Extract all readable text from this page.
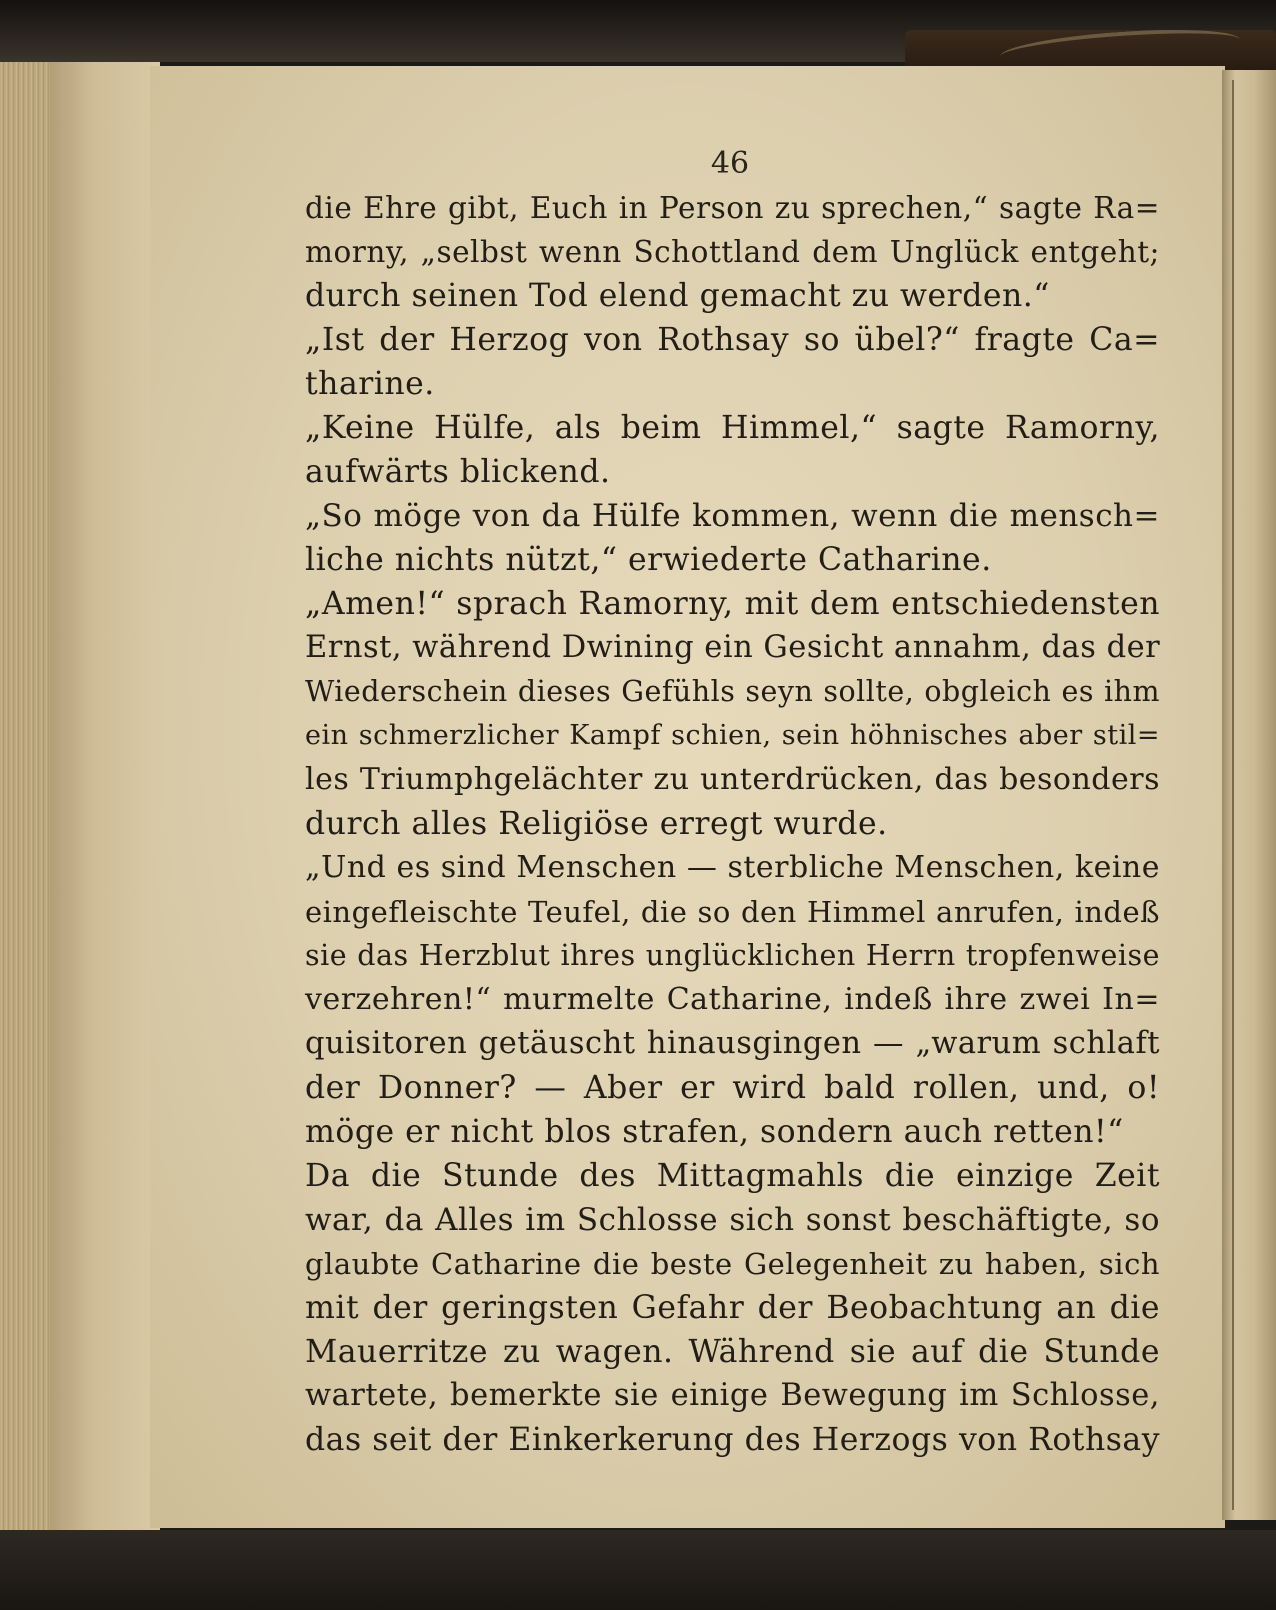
46
die Ehre gibt, Euch in Person zu sprechen,“ sagte Ra=
morny, „selbst wenn Schottland dem Unglück entgeht;
durch seinen Tod elend gemacht zu werden.“
„Ist der Herzog von Rothsay so übel?“ fragte Ca=
tharine.
„Keine Hülfe, als beim Himmel,“ sagte Ramorny,
aufwärts blickend.
„So möge von da Hülfe kommen, wenn die mensch=
liche nichts nützt,“ erwiederte Catharine.
„Amen!“ sprach Ramorny, mit dem entschiedensten
Ernst, während Dwining ein Gesicht annahm, das der
Wiederschein dieses Gefühls seyn sollte, obgleich es ihm
ein schmerzlicher Kampf schien, sein höhnisches aber stil=
les Triumphgelächter zu unterdrücken, das besonders
durch alles Religiöse erregt wurde.
„Und es sind Menschen — sterbliche Menschen, keine
eingefleischte Teufel, die so den Himmel anrufen, indeß
sie das Herzblut ihres unglücklichen Herrn tropfenweise
verzehren!“ murmelte Catharine, indeß ihre zwei In=
quisitoren getäuscht hinausgingen — „warum schlaft
der Donner? — Aber er wird bald rollen, und, o!
möge er nicht blos strafen, sondern auch retten!“
Da die Stunde des Mittagmahls die einzige Zeit
war, da Alles im Schlosse sich sonst beschäftigte, so
glaubte Catharine die beste Gelegenheit zu haben, sich
mit der geringsten Gefahr der Beobachtung an die
Mauerritze zu wagen. Während sie auf die Stunde
wartete, bemerkte sie einige Bewegung im Schlosse,
das seit der Einkerkerung des Herzogs von Rothsay
